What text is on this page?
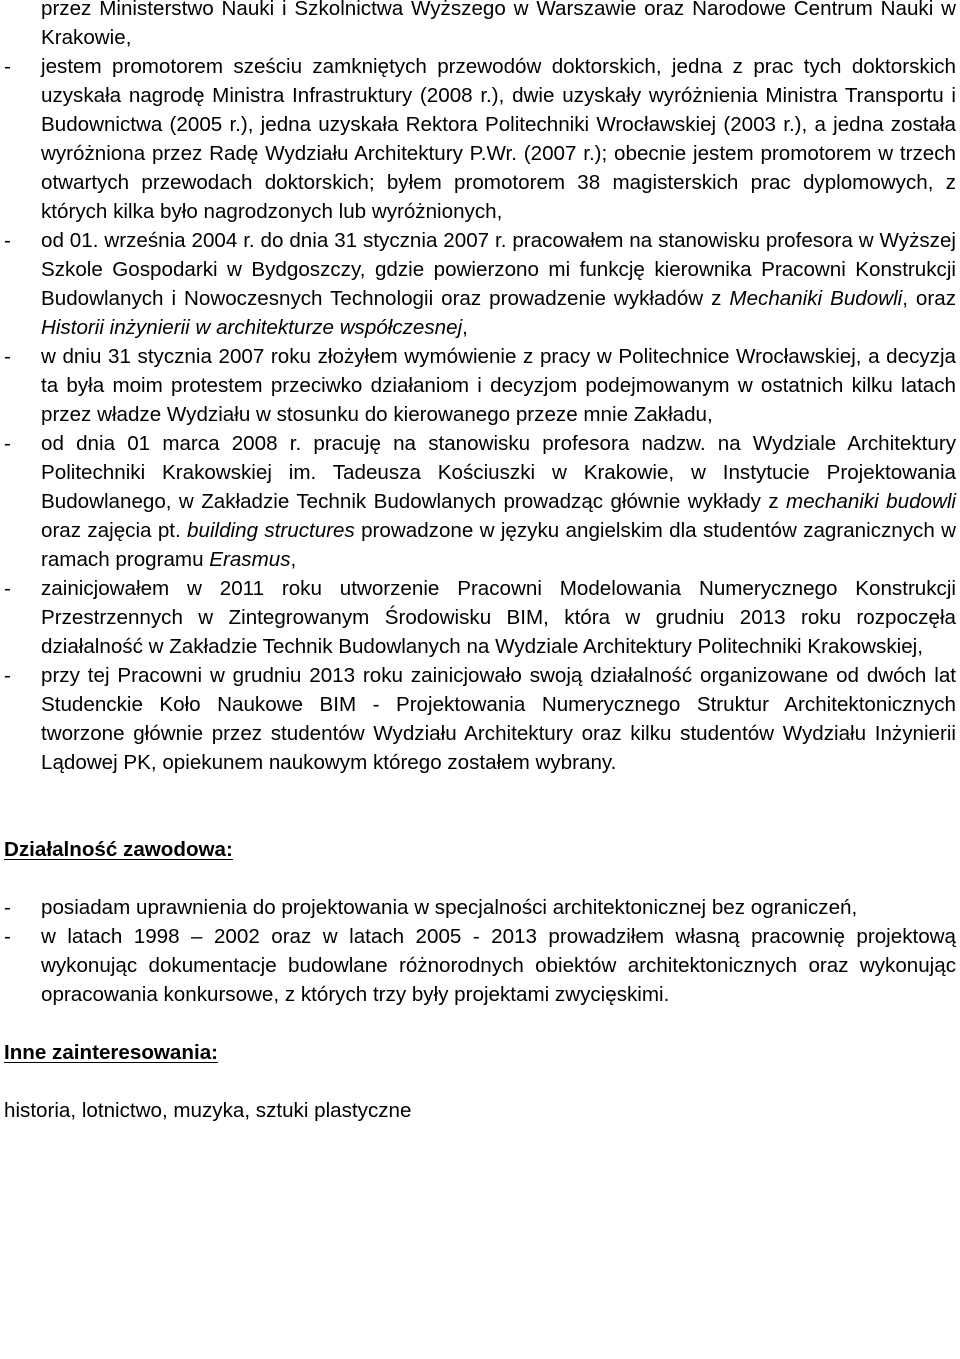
przez Ministerstwo Nauki i Szkolnictwa Wyższego w Warszawie oraz Narodowe Centrum Nauki w Krakowie,

- jestem promotorem sześciu zamkniętych przewodów doktorskich, jedna z prac tych doktorskich uzyskała nagrodę Ministra Infrastruktury (2008 r.), dwie uzyskały wyróżnienia Ministra Transportu i Budownictwa (2005 r.), jedna uzyskała Rektora Politechniki Wrocławskiej (2003 r.), a jedna została wyróżniona przez Radę Wydziału Architektury P.Wr. (2007 r.); obecnie jestem promotorem w trzech otwartych przewodach doktorskich; byłem promotorem 38 magisterskich prac dyplomowych, z których kilka było nagrodzonych lub wyróżnionych,

- od 01. września 2004 r. do dnia 31 stycznia 2007 r. pracowałem na stanowisku profesora w Wyższej Szkole Gospodarki w Bydgoszczy, gdzie powierzono mi funkcję kierownika Pracowni Konstrukcji Budowlanych i Nowoczesnych Technologii oraz prowadzenie wykładów z Mechaniki Budowli, oraz Historii inżynierii w architekturze współczesnej,

- w dniu 31 stycznia 2007 roku złożyłem wymówienie z pracy w Politechnice Wrocławskiej, a decyzja ta była moim protestem przeciwko działaniom i decyzjom podejmowanym w ostatnich kilku latach przez władze Wydziału w stosunku do kierowanego przeze mnie Zakładu,

- od dnia 01 marca 2008 r. pracuję na stanowisku profesora nadzw. na Wydziale Architektury Politechniki Krakowskiej im. Tadeusza Kościuszki w Krakowie, w Instytucie Projektowania Budowlanego, w Zakładzie Technik Budowlanych prowadząc głównie wykłady z mechaniki budowli oraz zajęcia pt. building structures prowadzone w języku angielskim dla studentów zagranicznych w ramach programu Erasmus,

- zainicjowałem w 2011 roku utworzenie Pracowni Modelowania Numerycznego Konstrukcji Przestrzennych w Zintegrowanym Środowisku BIM, która w grudniu 2013 roku rozpoczęła działalność w Zakładzie Technik Budowlanych na Wydziale Architektury Politechniki Krakowskiej,

- przy tej Pracowni w grudniu 2013 roku zainicjowało swoją działalność organizowane od dwóch lat Studenckie Koło Naukowe BIM - Projektowania Numerycznego Struktur Architektonicznych tworzone głównie przez studentów Wydziału Architektury oraz kilku studentów Wydziału Inżynierii Lądowej PK, opiekunem naukowym którego zostałem wybrany.

Działalność zawodowa:

- posiadam uprawnienia do projektowania w specjalności architektonicznej bez ograniczeń,

- w latach 1998 – 2002 oraz w latach 2005 - 2013 prowadziłem własną pracownię projektową wykonując dokumentacje budowlane różnorodnych obiektów architektonicznych oraz wykonując opracowania konkursowe, z których trzy były projektami zwycięskimi.

Inne zainteresowania:

historia, lotnictwo, muzyka, sztuki plastyczne
